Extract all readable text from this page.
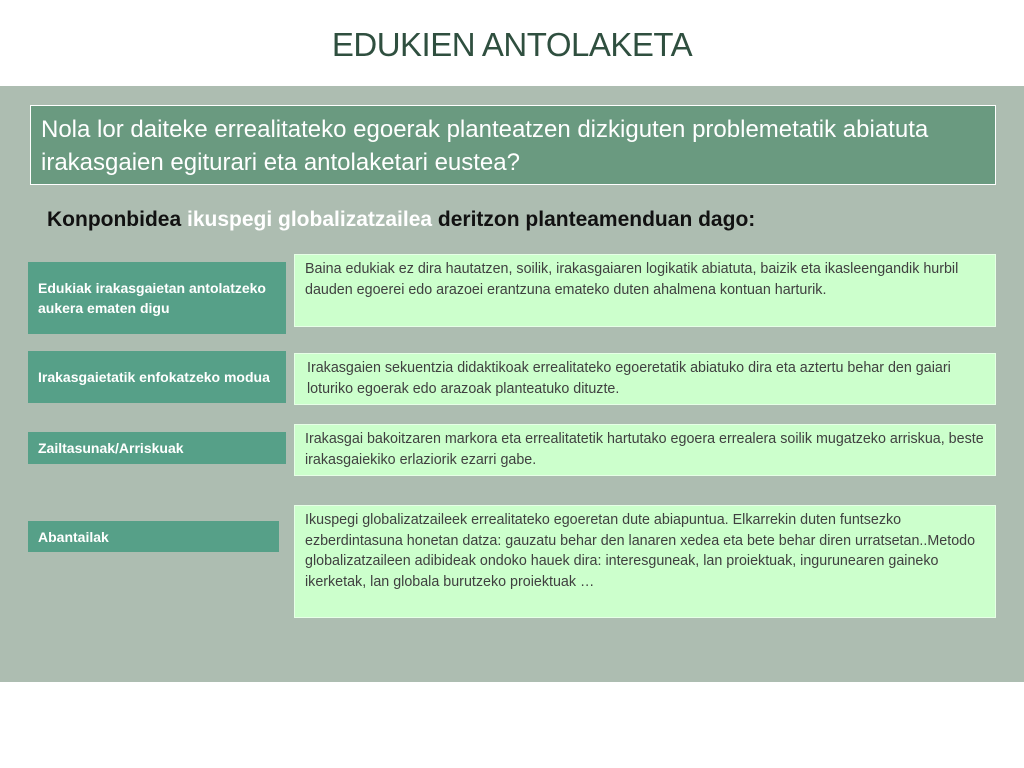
EDUKIEN ANTOLAKETA
Nola lor daiteke errealitateko egoerak planteatzen dizkiguten problemetatik abiatuta irakasgaien egiturari eta antolaketari eustea?
Konponbidea ikuspegi globalizatzailea deritzon planteamenduan dago:
Edukiak irakasgaietan antolatzeko aukera ematen digu
Baina edukiak ez dira hautatzen, soilik, irakasgaiaren logikatik abiatuta, baizik eta ikasleengandik hurbil dauden egoerei edo arazoei erantzuna emateko duten ahalmena kontuan harturik.
Irakasgaietatik enfokatzeko modua
Irakasgaien sekuentzia didaktikoak errealitateko egoeretatik abiatuko dira eta aztertu behar den gaiari loturiko egoerak edo arazoak planteatuko dituzte.
Zailtasunak/Arriskuak
Irakasgai bakoitzaren markora eta errealitatetik hartutako egoera errealera soilik mugatzeko arriskua, beste irakasgaiekiko erlaziorik ezarri gabe.
Abantailak
Ikuspegi globalizatzaileek errealitateko egoeretan dute abiapuntua. Elkarrekin duten funtsezko ezberdintasuna honetan datza: gauzatu behar den lanaren xedea eta bete behar diren urratsetan..Metodo globalizatzaileen adibideak ondoko hauek dira: interesguneak, lan proiektuak, ingurunearen gaineko ikerketak, lan globala burutzeko proiektuak …
